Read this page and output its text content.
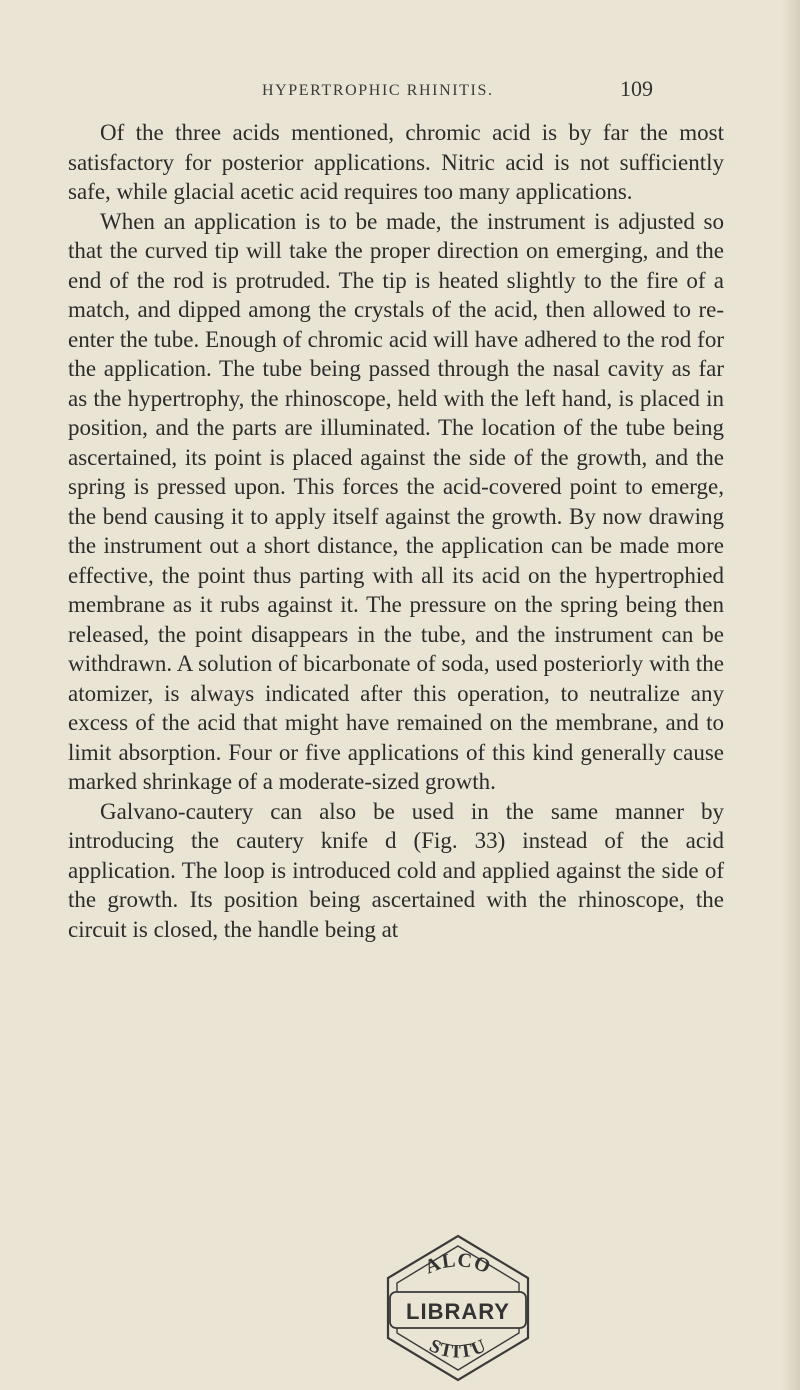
HYPERTROPHIC RHINITIS.	109

Of the three acids mentioned, chromic acid is by far the most satisfactory for posterior applications. Nitric acid is not sufficiently safe, while glacial acetic acid requires too many applications.

When an application is to be made, the instrument is adjusted so that the curved tip will take the proper direction on emerging, and the end of the rod is protruded. The tip is heated slightly to the fire of a match, and dipped among the crystals of the acid, then allowed to re-enter the tube. Enough of chromic acid will have adhered to the rod for the application. The tube being passed through the nasal cavity as far as the hypertrophy, the rhinoscope, held with the left hand, is placed in position, and the parts are illuminated. The location of the tube being ascertained, its point is placed against the side of the growth, and the spring is pressed upon. This forces the acid-covered point to emerge, the bend causing it to apply itself against the growth. By now drawing the instrument out a short distance, the application can be made more effective, the point thus parting with all its acid on the hypertrophied membrane as it rubs against it. The pressure on the spring being then released, the point disappears in the tube, and the instrument can be withdrawn. A solution of bicarbonate of soda, used posteriorly with the atomizer, is always indicated after this operation, to neutralize any excess of the acid that might have remained on the membrane, and to limit absorption. Four or five applications of this kind generally cause marked shrinkage of a moderate-sized growth.

Galvano-cautery can also be used in the same manner by introducing the cautery knife d (Fig. 33) instead of the acid application. The loop is introduced cold and applied against the side of the growth. Its position being ascertained with the rhinoscope, the circuit is closed, the handle being at

ALCO
STITU
LIBRARY
